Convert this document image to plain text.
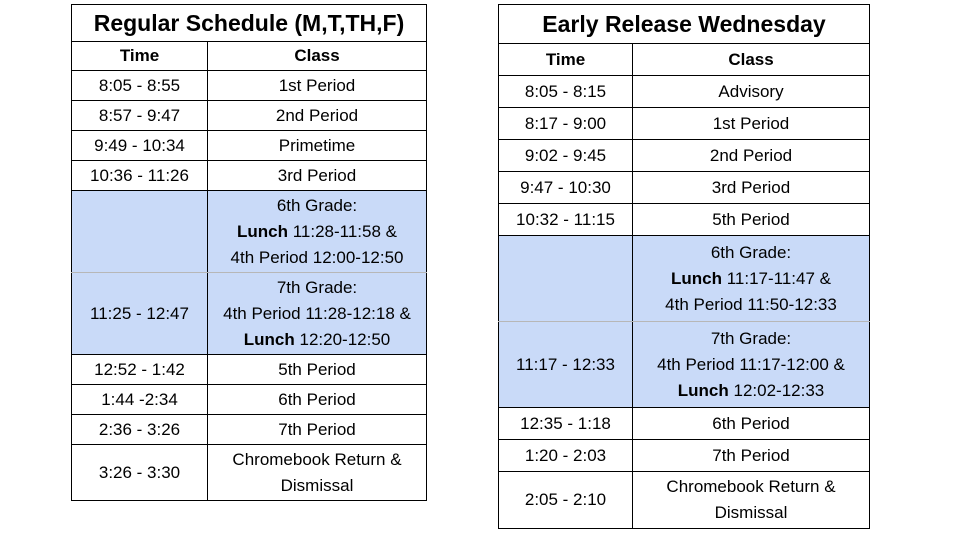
Regular Schedule (M,T,TH,F)	
Time	Class
8:05 - 8:55	1st Period
8:57 - 9:47	2nd Period
9:49 - 10:34	Primetime
10:36 - 11:26	3rd Period

	6th Grade:
Lunch 11:28-11:58 &
4th Period 12:00-12:50

11:25 - 12:47	7th Grade:
4th Period 11:28-12:18 &
Lunch 12:20-12:50

12:52 - 1:42	5th Period
1:44 -2:34	6th Period
2:36 - 3:26	7th Period
3:26 - 3:30	Chromebook Return &
Dismissal
Early Release Wednesday	
Time	Class
8:05 - 8:15	Advisory
8:17 - 9:00	1st Period
9:02 - 9:45	2nd Period
9:47 - 10:30	3rd Period
10:32 - 11:15	5th Period

	6th Grade:
Lunch 11:17-11:47 &
4th Period 11:50-12:33

11:17 - 12:33	7th Grade:
4th Period 11:17-12:00 &
Lunch 12:02-12:33

12:35 - 1:18	6th Period
1:20 - 2:03	7th Period
2:05 - 2:10	Chromebook Return &
Dismissal
